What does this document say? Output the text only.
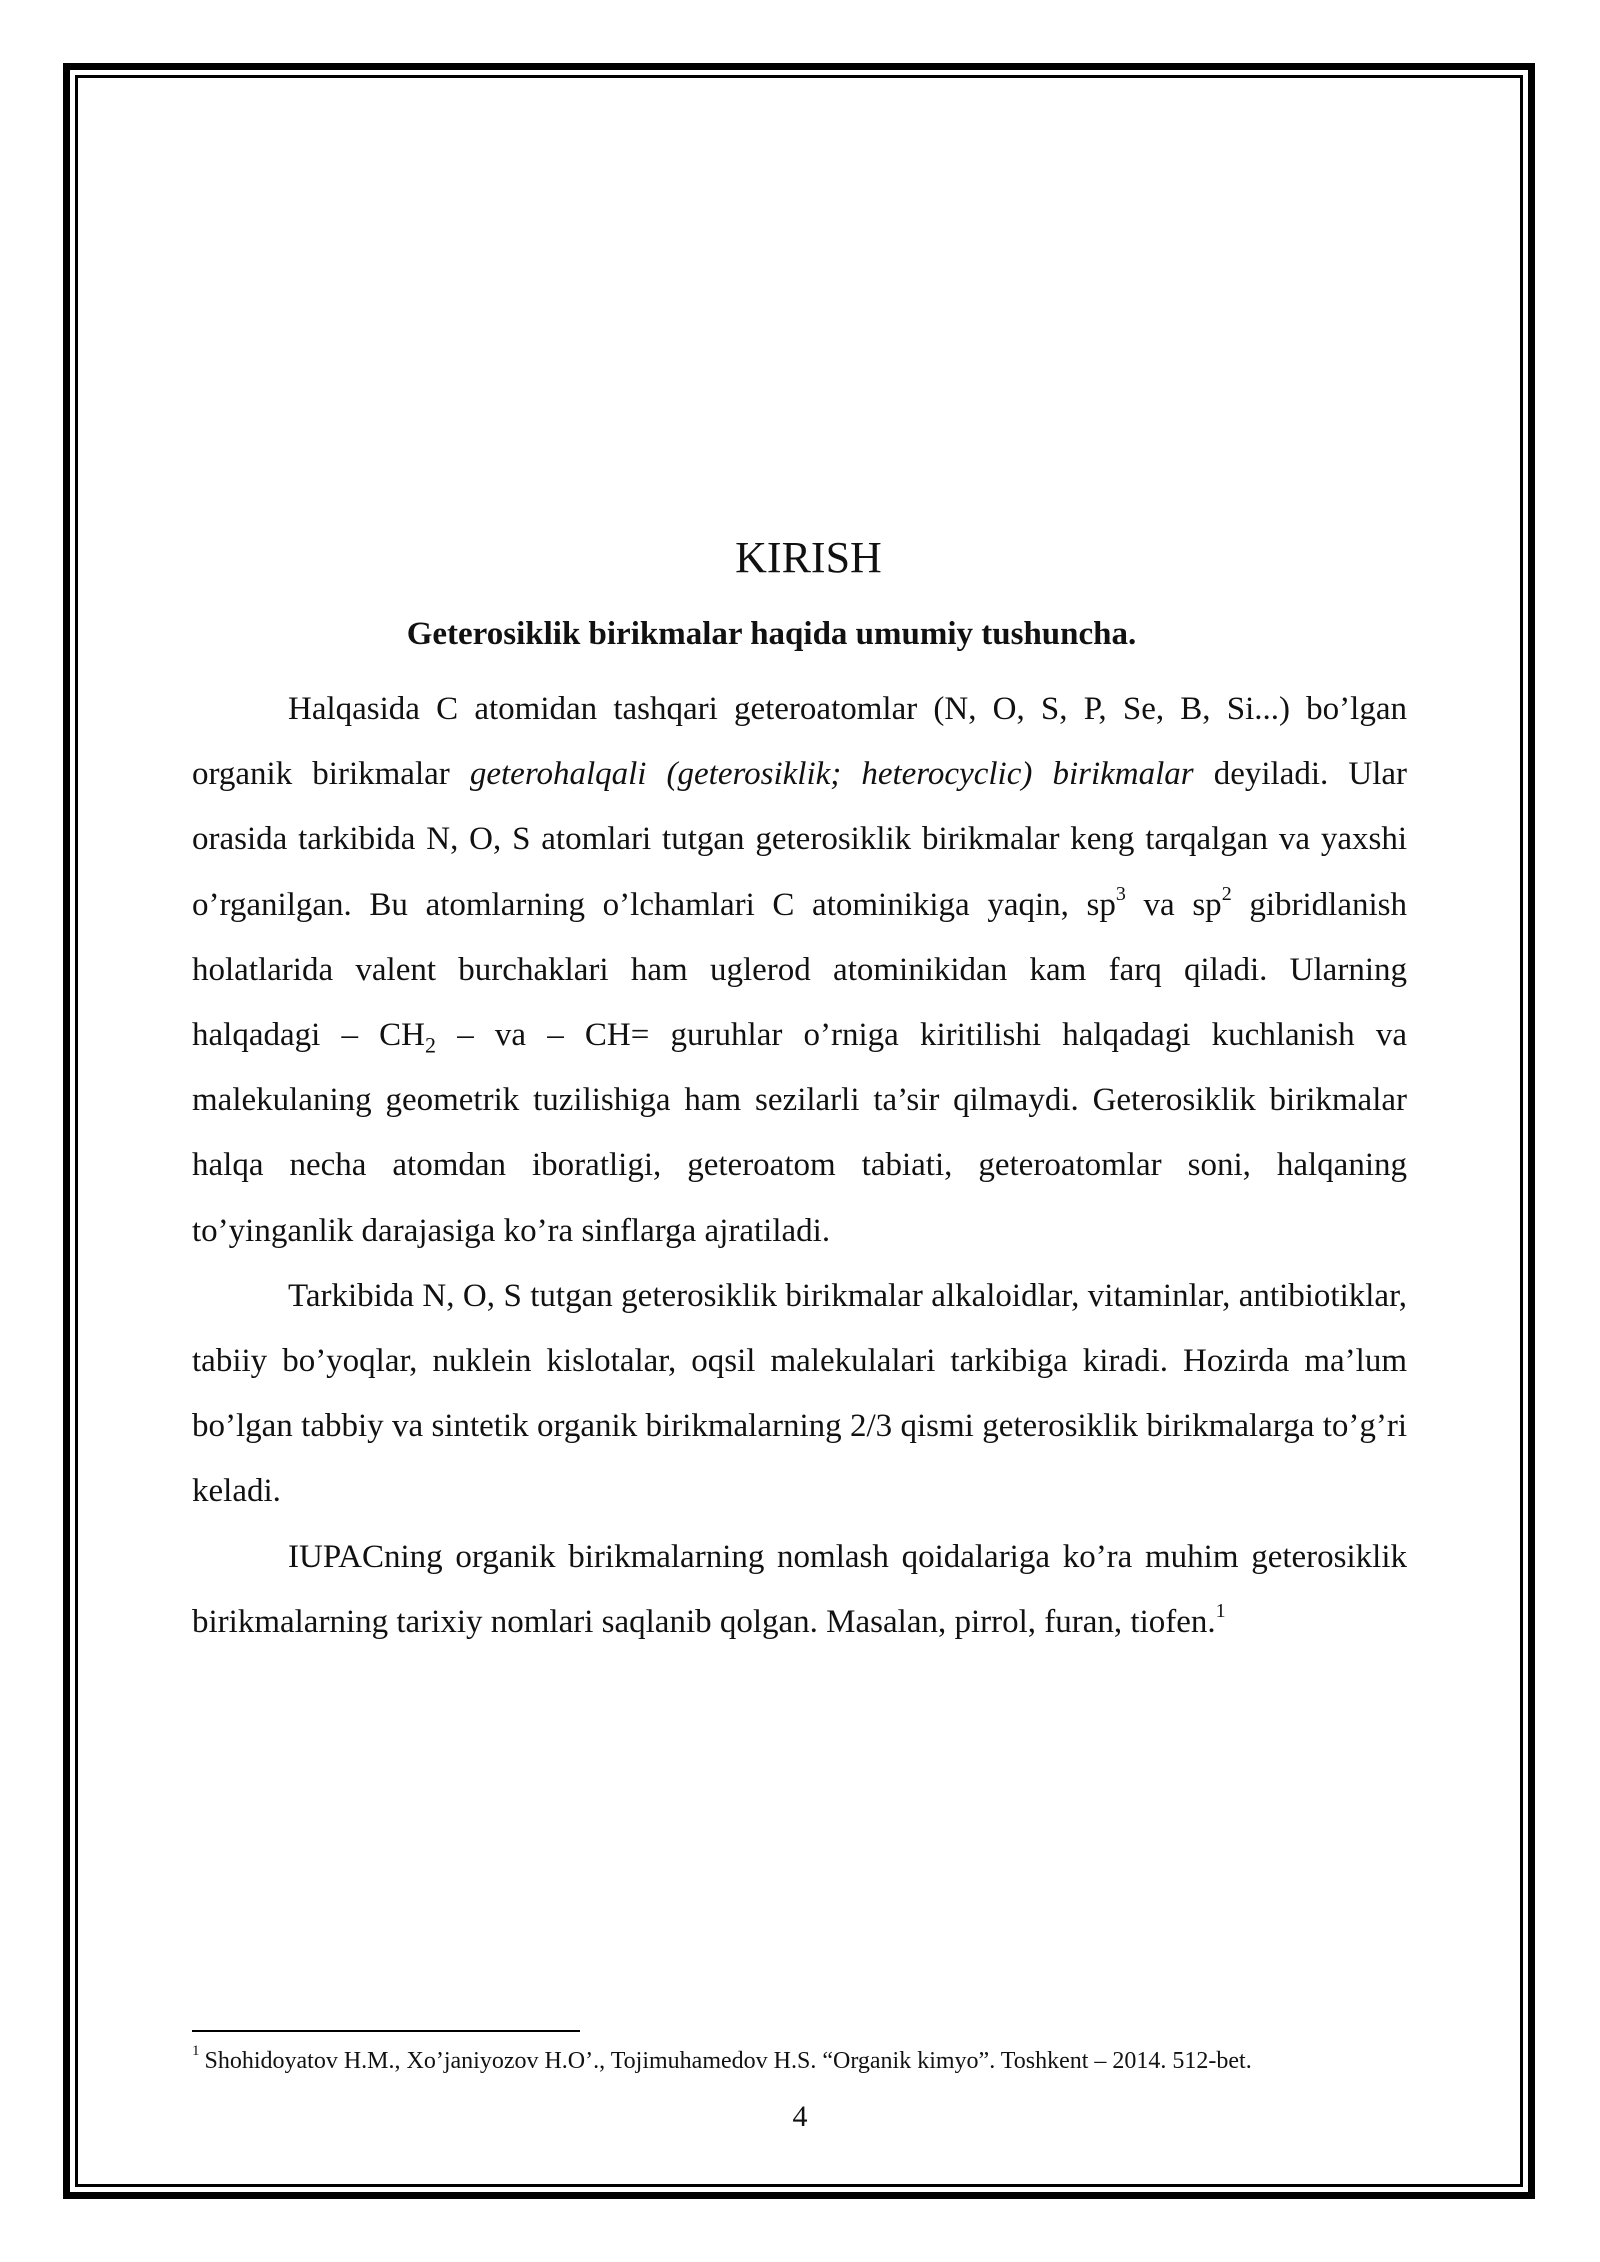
KIRISH
Geterosiklik birikmalar haqida umumiy tushuncha.

Halqasida C atomidan tashqari geteroatomlar (N, O, S, P, Se, B, Si...) bo’lgan organik birikmalar geterohalqali (geterosiklik; heterocyclic) birikmalar deyiladi. Ular orasida tarkibida N, O, S atomlari tutgan geterosiklik birikmalar keng tarqalgan va yaxshi o’rganilgan. Bu atomlarning o’lchamlari C atominikiga yaqin, $sp^3$ va $sp^2$ gibridlanish holatlarida valent burchaklari ham uglerod atominikidan kam farq qiladi. Ularning halqadagi – $CH_2$ – va – CH= guruhlar o’rniga kiritilishi halqadagi kuchlanish va malekulaning geometrik tuzilishiga ham sezilarli ta’sir qilmaydi. Geterosiklik birikmalar halqa necha atomdan iboratligi, geteroatom tabiati, geteroatomlar soni, halqaning to’yinganlik darajasiga ko’ra sinflarga ajratiladi.

Tarkibida N, O, S tutgan geterosiklik birikmalar alkaloidlar, vitaminlar, antibiotiklar, tabiiy bo’yoqlar, nuklein kislotalar, oqsil malekulalari tarkibiga kiradi. Hozirda ma’lum bo’lgan tabbiy va sintetik organik birikmalarning 2/3 qismi geterosiklik birikmalarga to’g’ri keladi.

IUPACning organik birikmalarning nomlash qoidalariga ko’ra muhim geterosiklik birikmalarning tarixiy nomlari saqlanib qolgan. Masalan, pirrol, furan, tiofen.$^1$

$^1$ Shohidoyatov H.M., Xo’janiyozov H.O’., Tojimuhamedov H.S. “Organik kimyo”. Toshkent – 2014. 512-bet.
4
